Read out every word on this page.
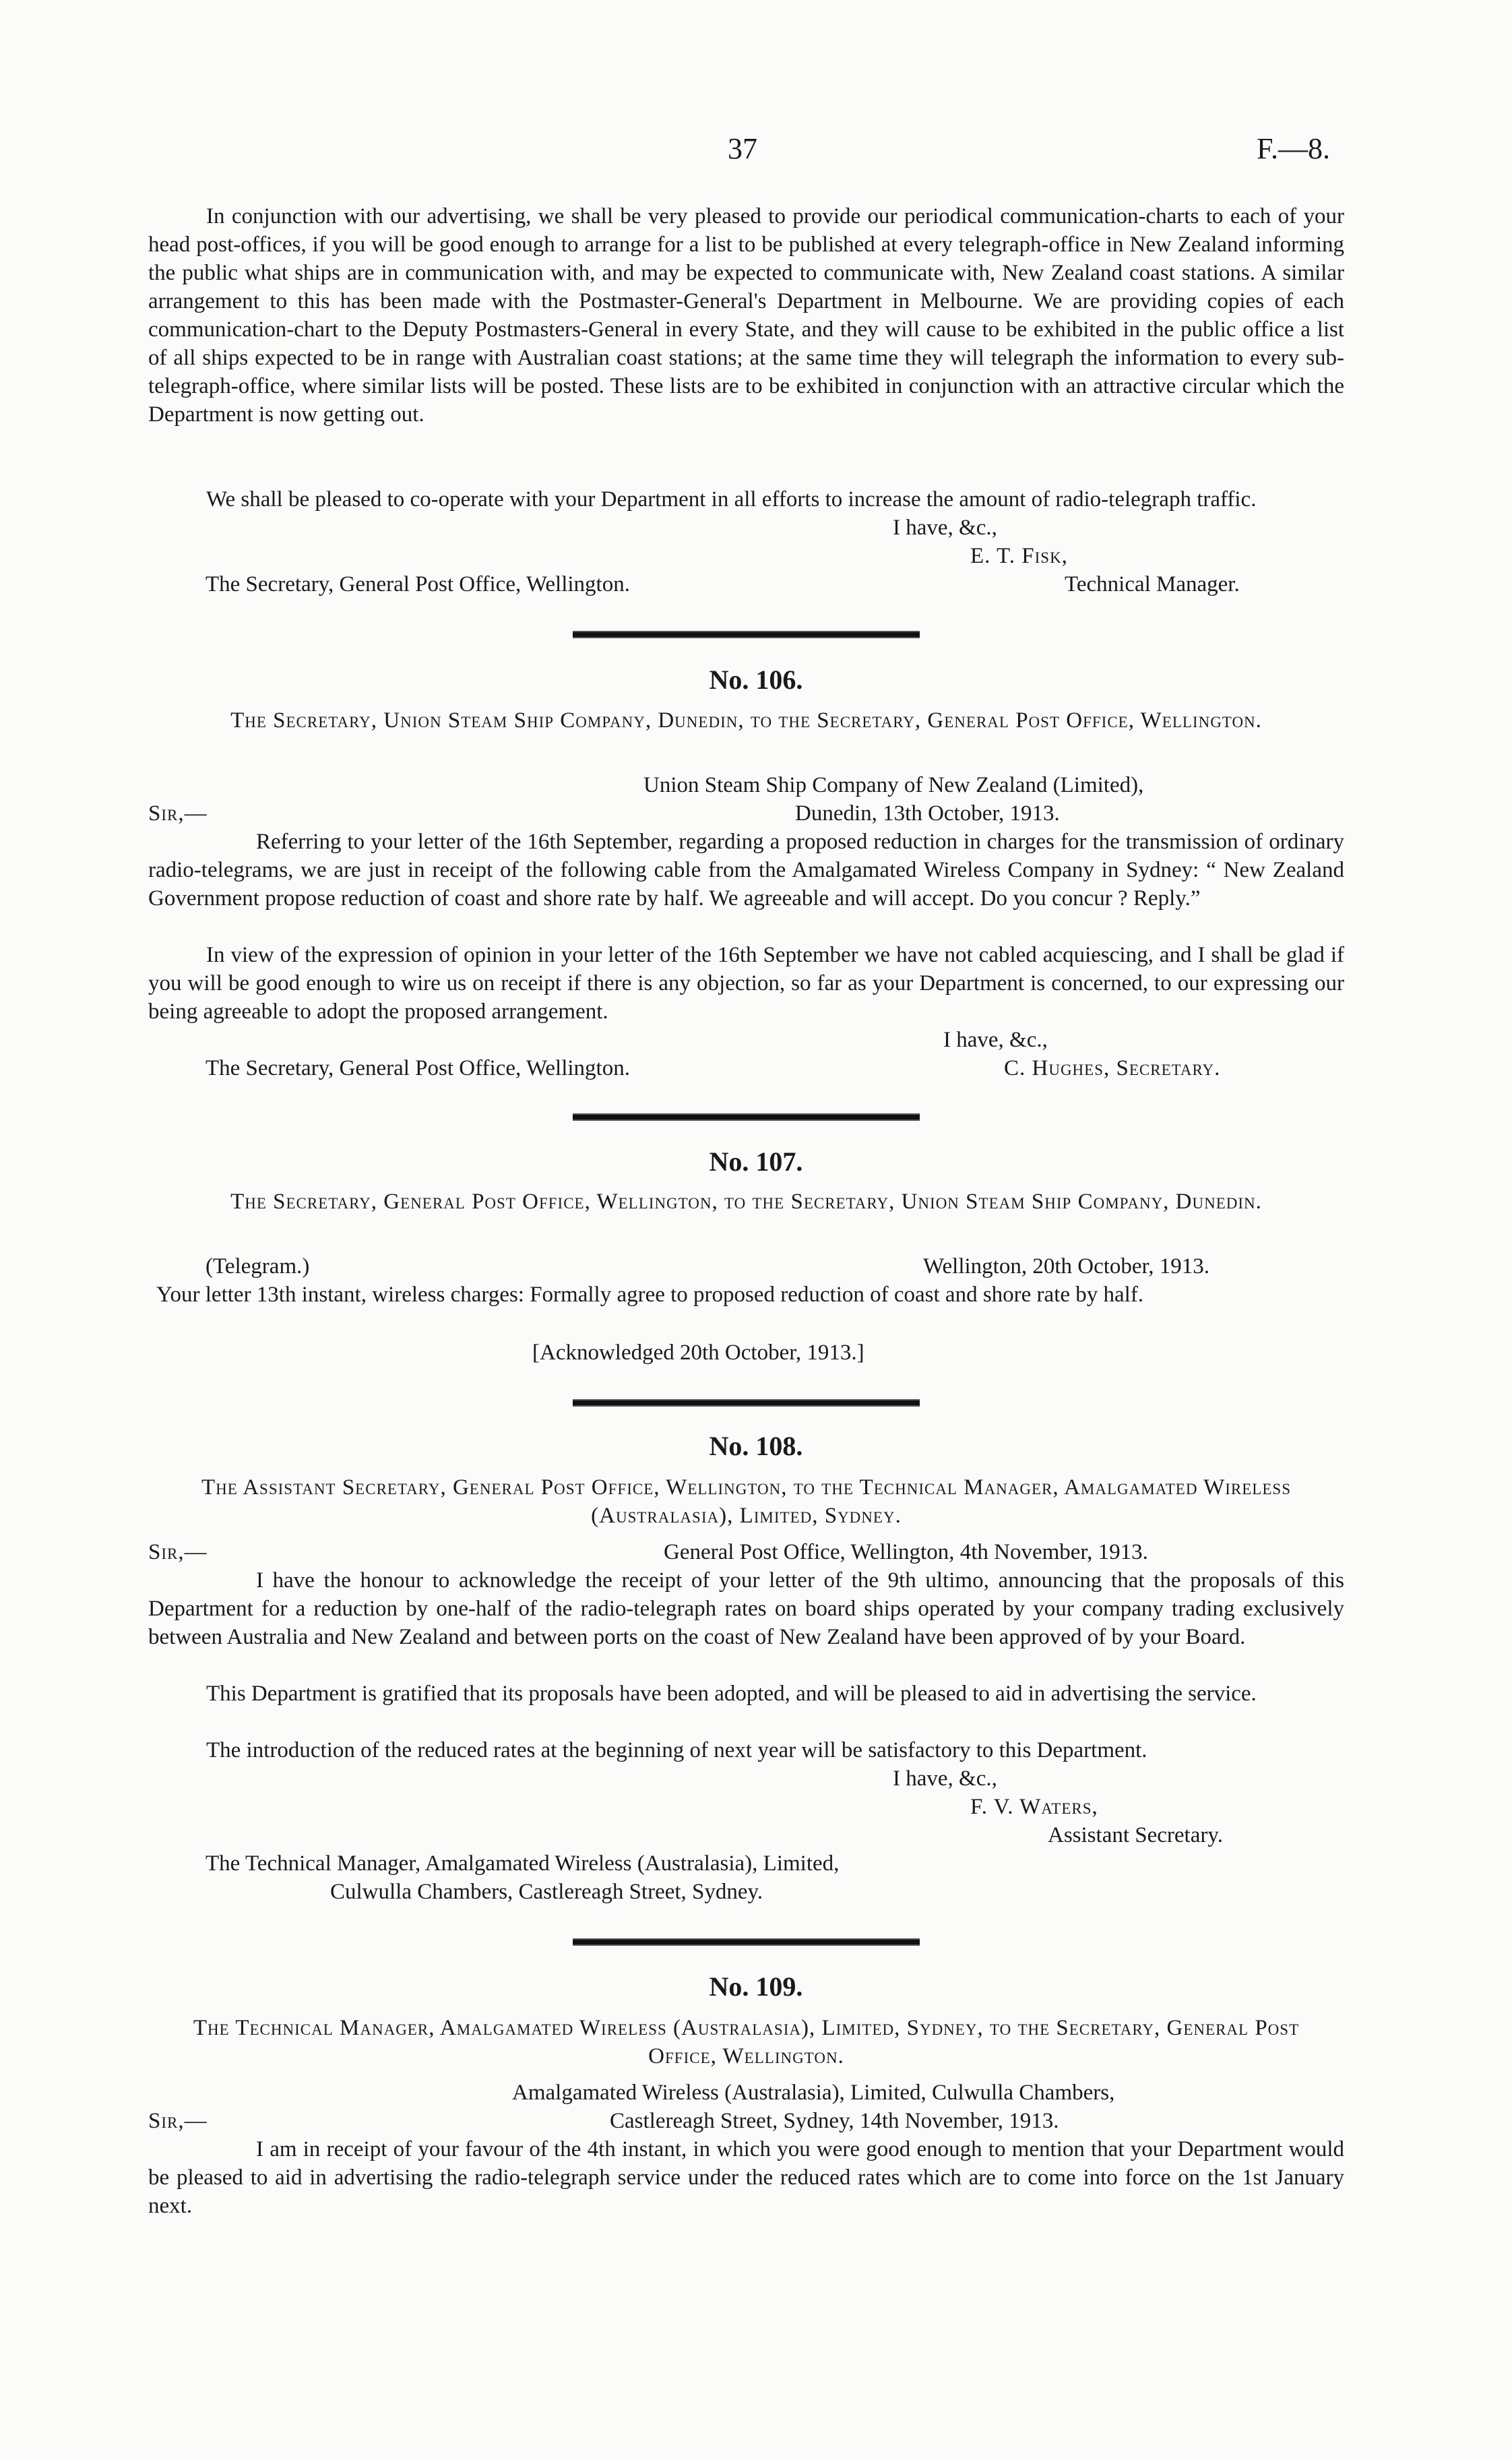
37	F.—8.

In conjunction with our advertising, we shall be very pleased to provide our periodical communication-charts to each of your head post-offices, if you will be good enough to arrange for a list to be published at every telegraph-office in New Zealand informing the public what ships are in communication with, and may be expected to communicate with, New Zealand coast stations. A similar arrangement to this has been made with the Postmaster-General's Department in Melbourne. We are providing copies of each communication-chart to the Deputy Postmasters-General in every State, and they will cause to be exhibited in the public office a list of all ships expected to be in range with Australian coast stations; at the same time they will telegraph the information to every sub-telegraph-office, where similar lists will be posted. These lists are to be exhibited in conjunction with an attractive circular which the Department is now getting out.

We shall be pleased to co-operate with your Department in all efforts to increase the amount of radio-telegraph traffic.

I have, &c.,
E. T. Fisk,
The Secretary, General Post Office, Wellington.	Technical Manager.
No. 106.

The Secretary, Union Steam Ship Company, Dunedin, to the Secretary, General Post Office, Wellington.

Union Steam Ship Company of New Zealand (Limited),
Sir,—	Dunedin, 13th October, 1913.

Referring to your letter of the 16th September, regarding a proposed reduction in charges for the transmission of ordinary radio-telegrams, we are just in receipt of the following cable from the Amalgamated Wireless Company in Sydney: “ New Zealand Government propose reduction of coast and shore rate by half. We agreeable and will accept. Do you concur ? Reply.”

In view of the expression of opinion in your letter of the 16th September we have not cabled acquiescing, and I shall be glad if you will be good enough to wire us on receipt if there is any objection, so far as your Department is concerned, to our expressing our being agreeable to adopt the proposed arrangement.

I have, &c.,
The Secretary, General Post Office, Wellington.	C. Hughes, Secretary.
No. 107.

The Secretary, General Post Office, Wellington, to the Secretary, Union Steam Ship Company, Dunedin.

(Telegram.)	Wellington, 20th October, 1913.

Your letter 13th instant, wireless charges: Formally agree to proposed reduction of coast and shore rate by half.

[Acknowledged 20th October, 1913.]
No. 108.

The Assistant Secretary, General Post Office, Wellington, to the Technical Manager, Amalgamated Wireless (Australasia), Limited, Sydney.

Sir,—	General Post Office, Wellington, 4th November, 1913.

I have the honour to acknowledge the receipt of your letter of the 9th ultimo, announcing that the proposals of this Department for a reduction by one-half of the radio-telegraph rates on board ships operated by your company trading exclusively between Australia and New Zealand and between ports on the coast of New Zealand have been approved of by your Board.

This Department is gratified that its proposals have been adopted, and will be pleased to aid in advertising the service.

The introduction of the reduced rates at the beginning of next year will be satisfactory to this Department.

I have, &c.,
F. V. Waters,
Assistant Secretary.
The Technical Manager, Amalgamated Wireless (Australasia), Limited,
Culwulla Chambers, Castlereagh Street, Sydney.
No. 109.

The Technical Manager, Amalgamated Wireless (Australasia), Limited, Sydney, to the Secretary, General Post Office, Wellington.

Amalgamated Wireless (Australasia), Limited, Culwulla Chambers,
Sir,—	Castlereagh Street, Sydney, 14th November, 1913.

I am in receipt of your favour of the 4th instant, in which you were good enough to mention that your Department would be pleased to aid in advertising the radio-telegraph service under the reduced rates which are to come into force on the 1st January next.
